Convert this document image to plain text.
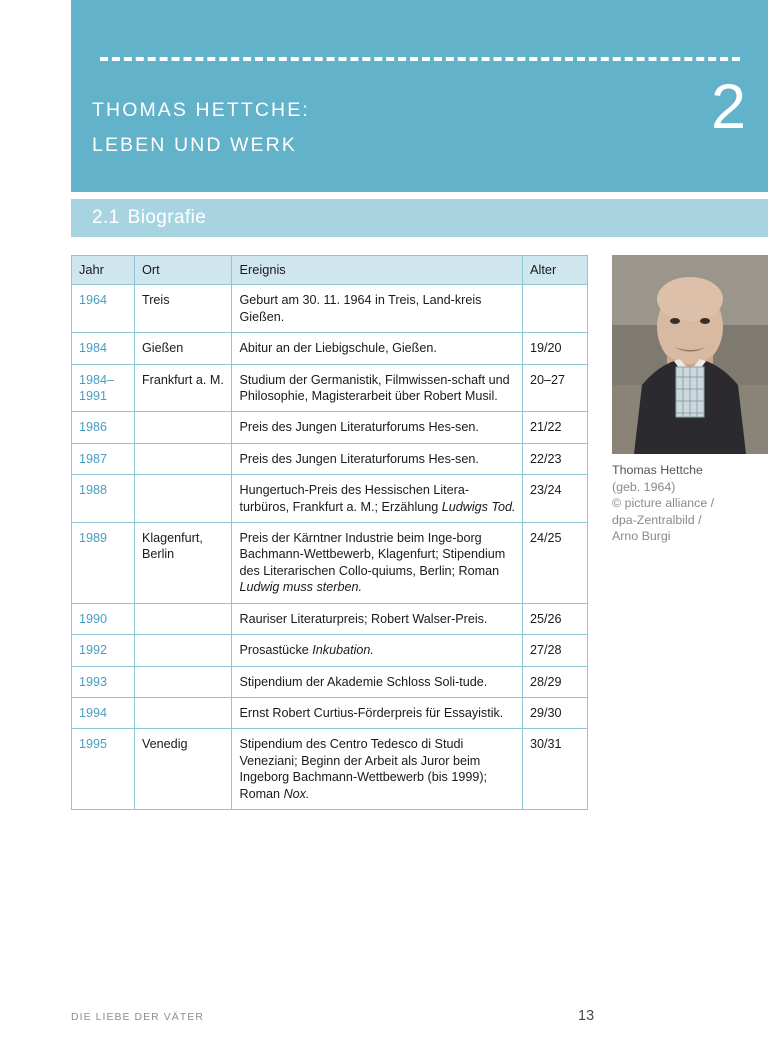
THOMAS HETTCHE:
LEBEN UND WERK
2
2.1 Biografie
Jahr	Ort	Ereignis	Alter
1964	Treis	Geburt am 30. 11. 1964 in Treis, Land-kreis Gießen.	
1984	Gießen	Abitur an der Liebigschule, Gießen.	19/20
1984–1991	Frankfurt a. M.	Studium der Germanistik, Filmwissen-schaft und Philosophie, Magisterarbeit über Robert Musil.	20–27
1986		Preis des Jungen Literaturforums Hes-sen.	21/22
1987		Preis des Jungen Literaturforums Hes-sen.	22/23
1988		Hungertuch-Preis des Hessischen Litera-turbüros, Frankfurt a. M.; Erzählung Ludwigs Tod.	23/24
1989	Klagenfurt, Berlin	Preis der Kärntner Industrie beim Inge-borg Bachmann-Wettbewerb, Klagenfurt; Stipendium des Literarischen Collo-quiums, Berlin; Roman Ludwig muss sterben.	24/25
1990		Rauriser Literaturpreis; Robert Walser-Preis.	25/26
1992		Prosastücke Inkubation.	27/28
1993		Stipendium der Akademie Schloss Soli-tude.	28/29
1994		Ernst Robert Curtius-Förderpreis für Essayistik.	29/30
1995	Venedig	Stipendium des Centro Tedesco di Studi Veneziani; Beginn der Arbeit als Juror beim Ingeborg Bachmann-Wettbewerb (bis 1999); Roman Nox.	30/31
Thomas Hettche
(geb. 1964)
© picture alliance /
dpa-Zentralbild /
Arno Burgi
DIE LIEBE DER VÄTER	13
